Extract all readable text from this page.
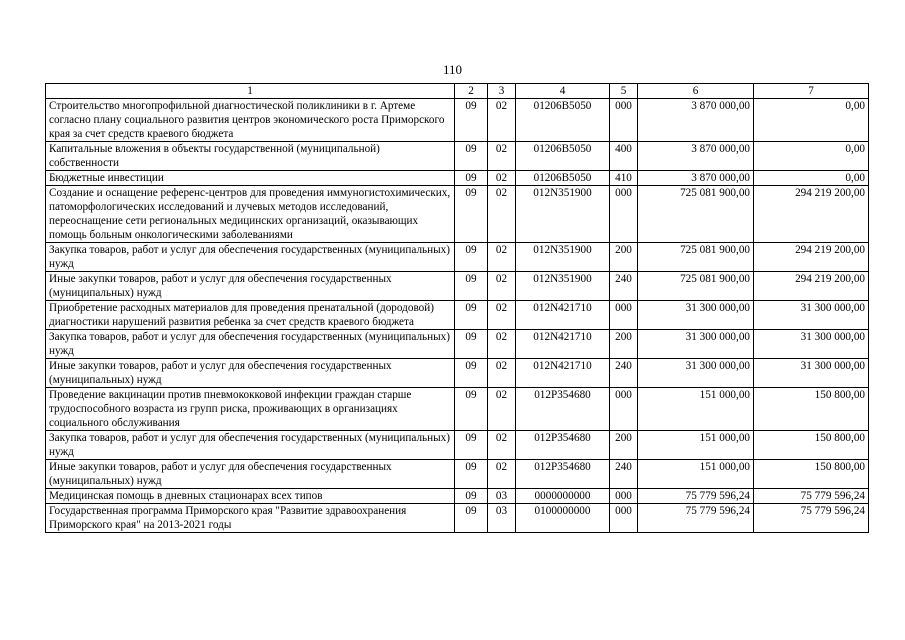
110
1	2	3	4	5	6	7
Строительство многопрофильной диагностической поликлиники в г. Артеме согласно плану социального развития центров экономического роста Приморского края за счет средств краевого бюджета	09	02	01206В5050	000	3 870 000,00	0,00
Капитальные вложения в объекты государственной (муниципальной) собственности	09	02	01206В5050	400	3 870 000,00	0,00
Бюджетные инвестиции	09	02	01206В5050	410	3 870 000,00	0,00
Создание и оснащение референс-центров для проведения иммуногистохимических, патоморфологических исследований и лучевых методов исследований, переоснащение сети региональных медицинских организаций, оказывающих помощь больным онкологическими заболеваниями	09	02	012N351900	000	725 081 900,00	294 219 200,00
Закупка товаров, работ и услуг для обеспечения государственных (муниципальных) нужд	09	02	012N351900	200	725 081 900,00	294 219 200,00
Иные закупки товаров, работ и услуг для обеспечения государственных (муниципальных) нужд	09	02	012N351900	240	725 081 900,00	294 219 200,00
Приобретение расходных материалов для проведения пренатальной (дородовой) диагностики нарушений развития ребенка за счет средств краевого бюджета	09	02	012N421710	000	31 300 000,00	31 300 000,00
Закупка товаров, работ и услуг для обеспечения государственных (муниципальных) нужд	09	02	012N421710	200	31 300 000,00	31 300 000,00
Иные закупки товаров, работ и услуг для обеспечения государственных (муниципальных) нужд	09	02	012N421710	240	31 300 000,00	31 300 000,00
Проведение вакцинации против пневмококковой инфекции граждан старше трудоспособного возраста из групп риска, проживающих в организациях социального обслуживания	09	02	012P354680	000	151 000,00	150 800,00
Закупка товаров, работ и услуг для обеспечения государственных (муниципальных) нужд	09	02	012P354680	200	151 000,00	150 800,00
Иные закупки товаров, работ и услуг для обеспечения государственных (муниципальных) нужд	09	02	012P354680	240	151 000,00	150 800,00
Медицинская помощь в дневных стационарах всех типов	09	03	0000000000	000	75 779 596,24	75 779 596,24
Государственная программа Приморского края "Развитие здравоохранения Приморского края" на 2013-2021 годы	09	03	0100000000	000	75 779 596,24	75 779 596,24
